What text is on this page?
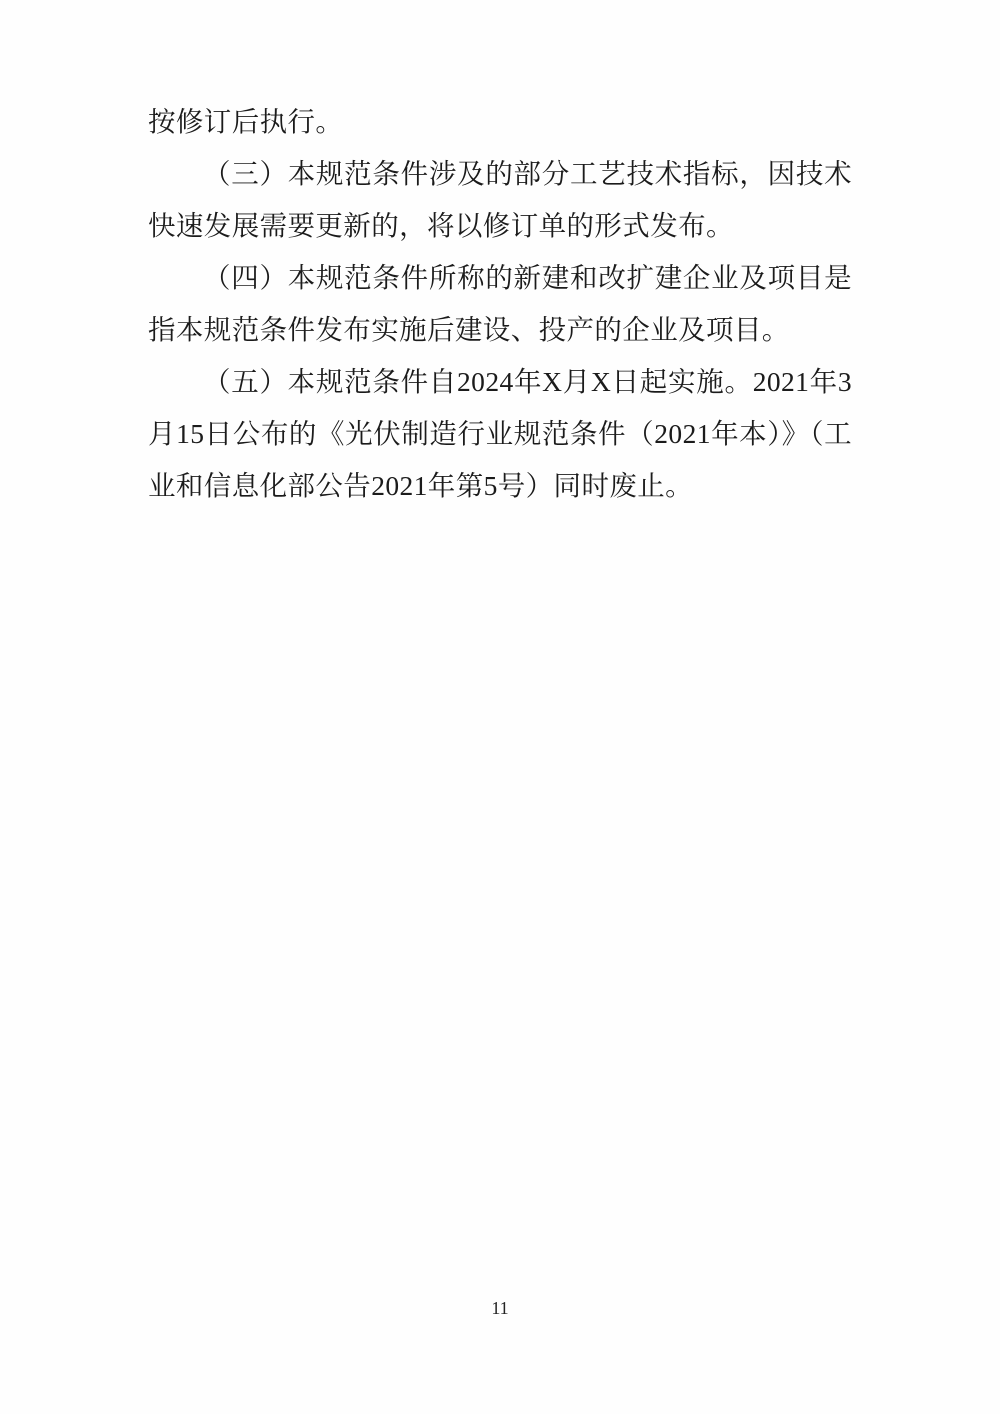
按修订后执行。

（三）本规范条件涉及的部分工艺技术指标，因技术快速发展需要更新的，将以修订单的形式发布。

（四）本规范条件所称的新建和改扩建企业及项目是指本规范条件发布实施后建设、投产的企业及项目。

（五）本规范条件自2024年X月X日起实施。2021年3月15日公布的《光伏制造行业规范条件（2021年本）》（工业和信息化部公告2021年第5号）同时废止。

11
